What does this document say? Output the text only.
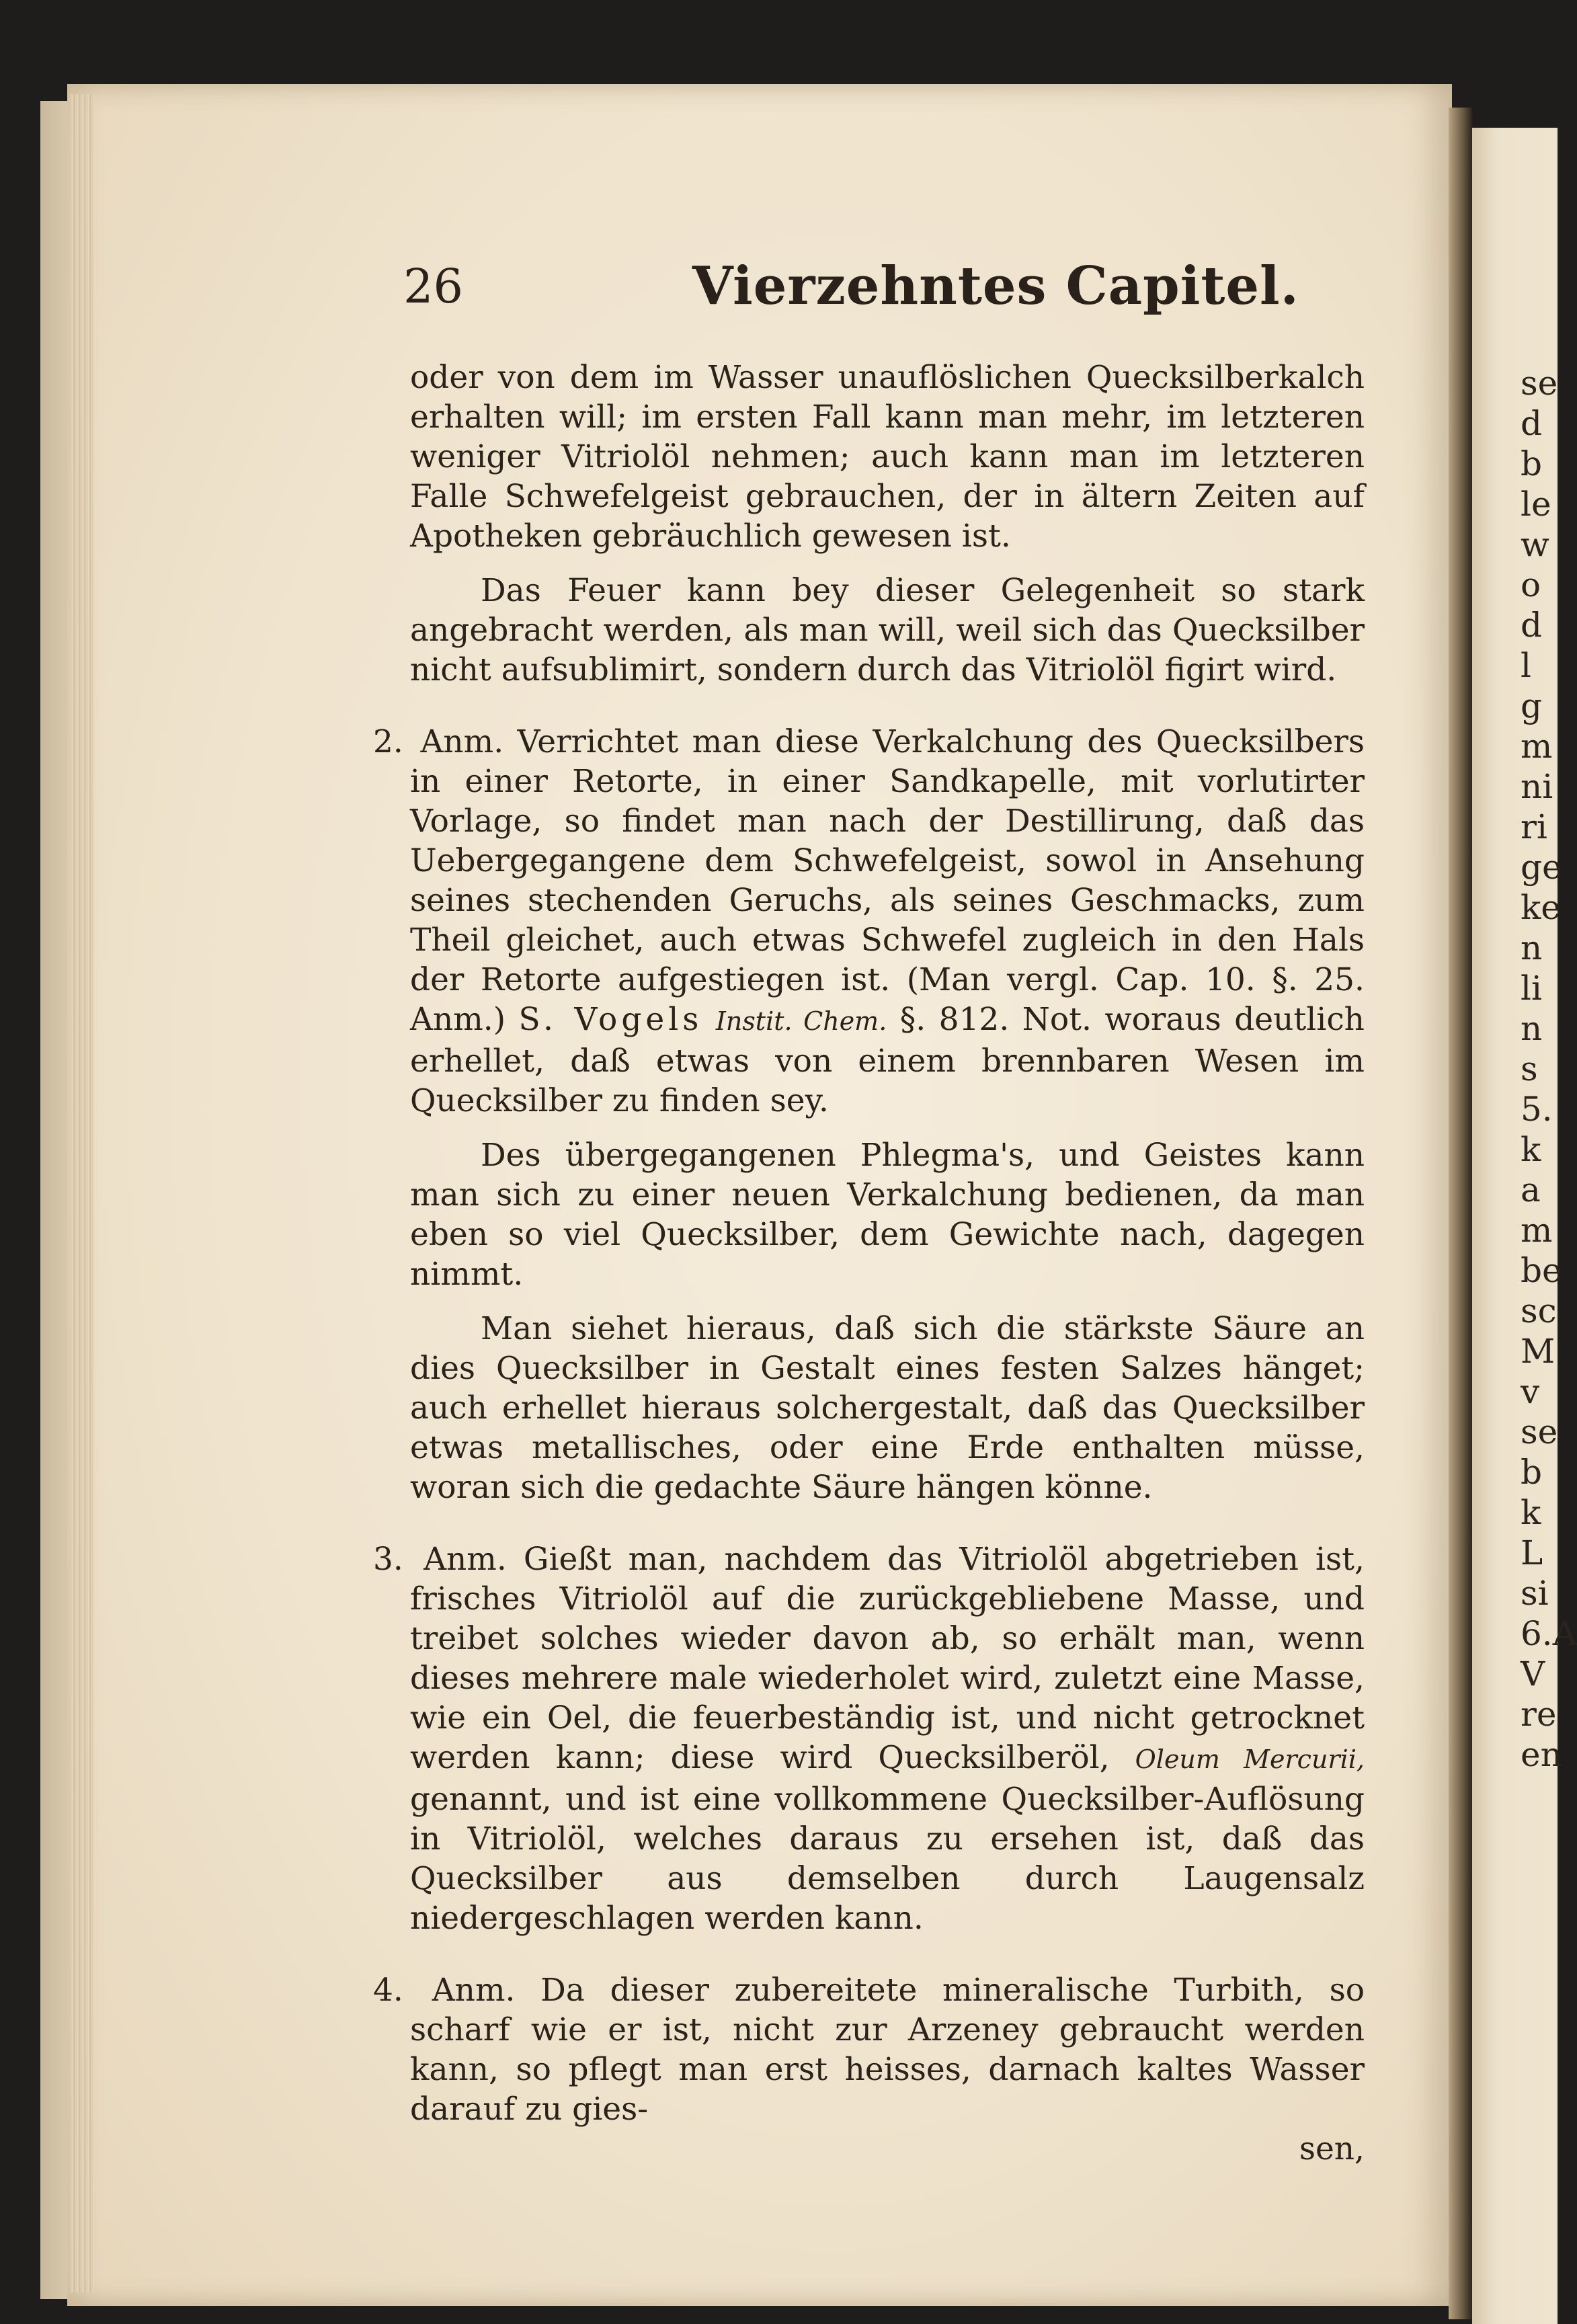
se
d
b
le
w
o
d
l
g
m
ni
ri
ge
ke
n
li
n
s
5.
k
a
m
be
sc
M
v
se
b
k
L
si
6.A
V
re
en
26	Vierzehntes Capitel.

oder von dem im Wasser unauflöslichen Quecksilberkalch erhalten will; im ersten Fall kann man mehr, im letzteren weniger Vitriolöl nehmen; auch kann man im letzteren Falle Schwefelgeist gebrauchen, der in ältern Zeiten auf Apotheken gebräuchlich gewesen ist.

Das Feuer kann bey dieser Gelegenheit so stark angebracht werden, als man will, weil sich das Quecksilber nicht aufsublimirt, sondern durch das Vitriolöl figirt wird.

2. Anm. Verrichtet man diese Verkalchung des Quecksilbers in einer Retorte, in einer Sandkapelle, mit vorlutirter Vorlage, so findet man nach der Destillirung, daß das Uebergegangene dem Schwefelgeist, sowol in Ansehung seines stechenden Geruchs, als seines Geschmacks, zum Theil gleichet, auch etwas Schwefel zugleich in den Hals der Retorte aufgestiegen ist. (Man vergl. Cap. 10. §. 25. Anm.) S. Vogels Instit. Chem. §. 812. Not. woraus deutlich erhellet, daß etwas von einem brennbaren Wesen im Quecksilber zu finden sey.

Des übergegangenen Phlegma's, und Geistes kann man sich zu einer neuen Verkalchung bedienen, da man eben so viel Quecksilber, dem Gewichte nach, dagegen nimmt.

Man siehet hieraus, daß sich die stärkste Säure an dies Quecksilber in Gestalt eines festen Salzes hänget; auch erhellet hieraus solchergestalt, daß das Quecksilber etwas metallisches, oder eine Erde enthalten müsse, woran sich die gedachte Säure hängen könne.

3. Anm. Gießt man, nachdem das Vitriolöl abgetrieben ist, frisches Vitriolöl auf die zurückgebliebene Masse, und treibet solches wieder davon ab, so erhält man, wenn dieses mehrere male wiederholet wird, zuletzt eine Masse, wie ein Oel, die feuerbeständig ist, und nicht getrocknet werden kann; diese wird Quecksilberöl, Oleum Mercurii, genannt, und ist eine vollkommene Quecksilber-Auflösung in Vitriolöl, welches daraus zu ersehen ist, daß das Quecksilber aus demselben durch Laugensalz niedergeschlagen werden kann.

4. Anm. Da dieser zubereitete mineralische Turbith, so scharf wie er ist, nicht zur Arzeney gebraucht werden kann, so pflegt man erst heisses, darnach kaltes Wasser darauf zu gies-

sen,
